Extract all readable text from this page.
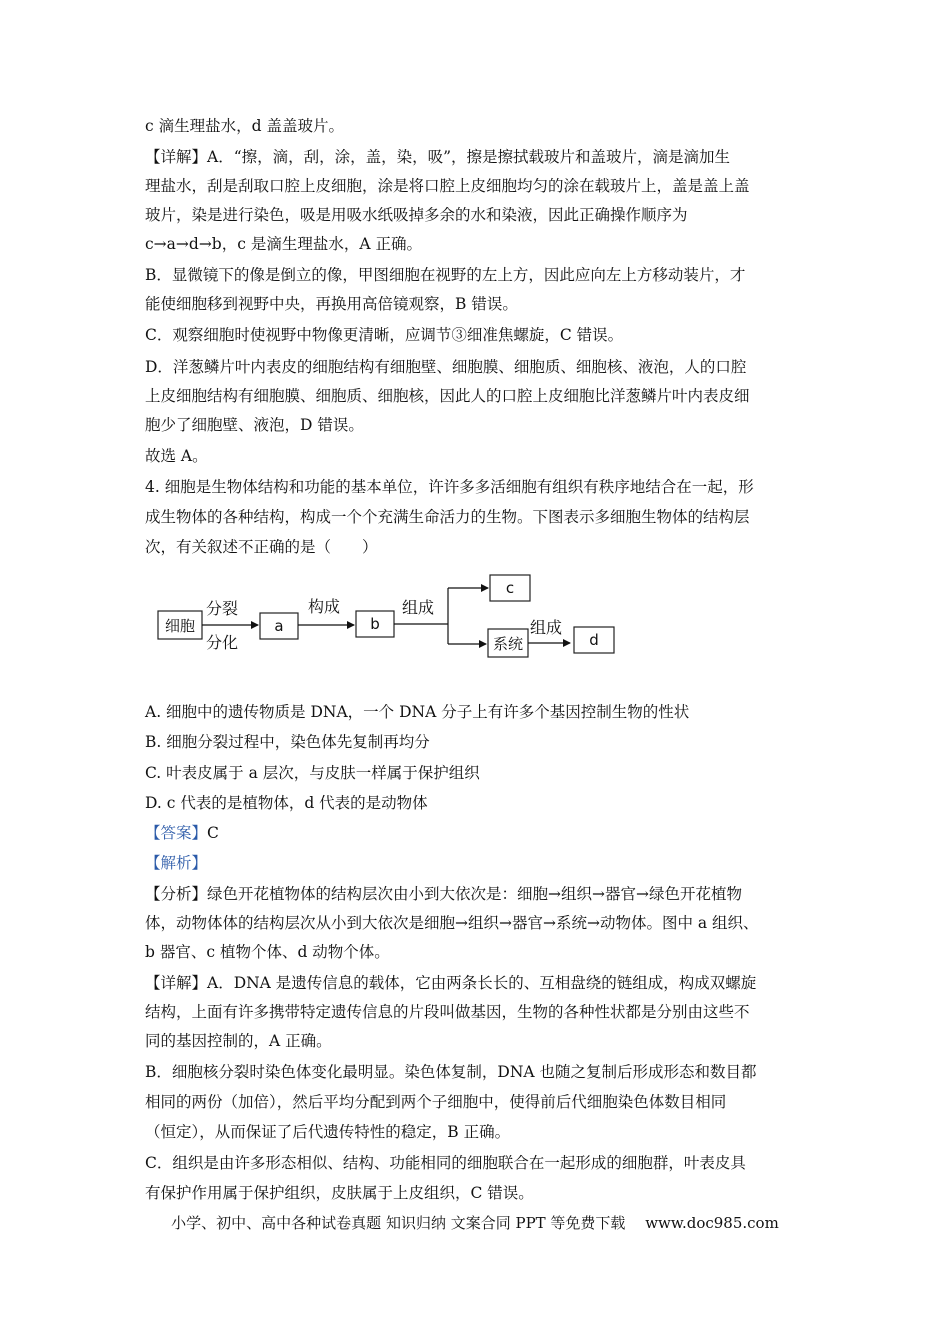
c 滴生理盐水，d 盖盖玻片。

【详解】A．“擦，滴，刮，涂，盖，染，吸”，擦是擦拭载玻片和盖玻片，滴是滴加生

理盐水，刮是刮取口腔上皮细胞，涂是将口腔上皮细胞均匀的涂在载玻片上，盖是盖上盖

玻片，染是进行染色，吸是用吸水纸吸掉多余的水和染液，因此正确操作顺序为

c→a→d→b，c 是滴生理盐水，A 正确。

B．显微镜下的像是倒立的像，甲图细胞在视野的左上方，因此应向左上方移动装片，才

能使细胞移到视野中央，再换用高倍镜观察，B 错误。

C．观察细胞时使视野中物像更清晰，应调节③细准焦螺旋，C 错误。

D．洋葱鳞片叶内表皮的细胞结构有细胞壁、细胞膜、细胞质、细胞核、液泡，人的口腔

上皮细胞结构有细胞膜、细胞质、细胞核，因此人的口腔上皮细胞比洋葱鳞片叶内表皮细

胞少了细胞壁、液泡，D 错误。

故选 A。

4. 细胞是生物体结构和功能的基本单位，许许多多活细胞有组织有秩序地结合在一起，形

成生物体的各种结构，构成一个个充满生命活力的生物。下图表示多细胞生物体的结构层

次，有关叙述不正确的是（　　）

细胞
分裂
分化
a
构成
b
组成
c
系统
组成
d

A. 细胞中的遗传物质是 DNA，一个 DNA 分子上有许多个基因控制生物的性状

B. 细胞分裂过程中，染色体先复制再均分

C. 叶表皮属于 a 层次，与皮肤一样属于保护组织

D. c 代表的是植物体，d 代表的是动物体

【答案】C

【解析】

【分析】绿色开花植物体的结构层次由小到大依次是：细胞→组织→器官→绿色开花植物

体，动物体体的结构层次从小到大依次是细胞→组织→器官→系统→动物体。图中 a 组织、

b 器官、c 植物个体、d 动物个体。

【详解】A．DNA 是遗传信息的载体，它由两条长长的、互相盘绕的链组成，构成双螺旋

结构，上面有许多携带特定遗传信息的片段叫做基因，生物的各种性状都是分别由这些不

同的基因控制的，A 正确。

B．细胞核分裂时染色体变化最明显。染色体复制，DNA 也随之复制后形成形态和数目都

相同的两份（加倍），然后平均分配到两个子细胞中，使得前后代细胞染色体数目相同

（恒定），从而保证了后代遗传特性的稳定，B 正确。

C．组织是由许多形态相似、结构、功能相同的细胞联合在一起形成的细胞群，叶表皮具

有保护作用属于保护组织，皮肤属于上皮组织，C 错误。

小学、初中、高中各种试卷真题 知识归纳 文案合同 PPT 等免费下载　 www.doc985.com
